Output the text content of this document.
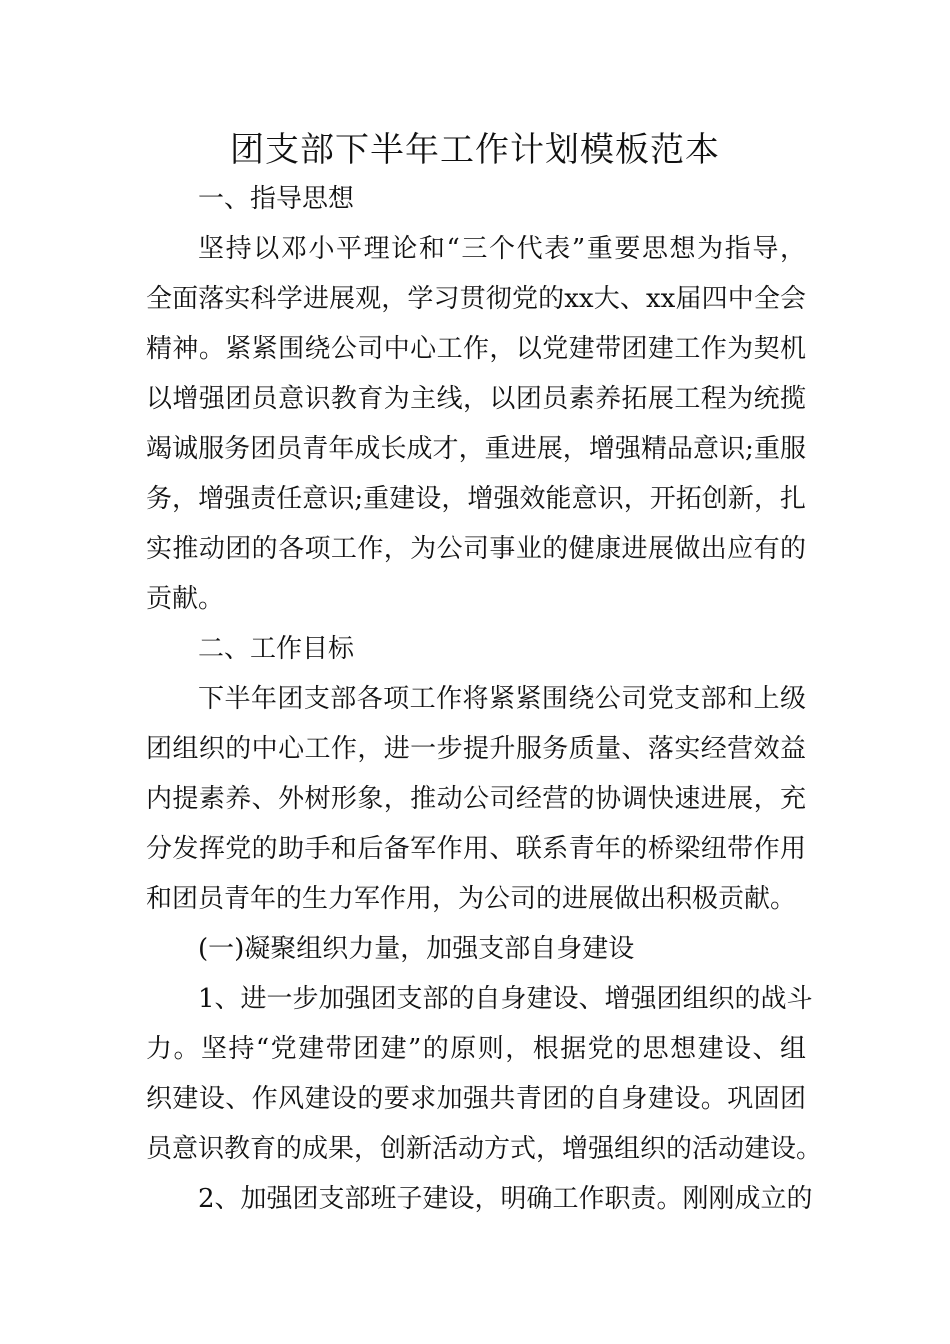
团支部下半年工作计划模板范本
一、指导思想
坚持以邓小平理论和“三个代表”重要思想为指导，
全面落实科学进展观，学习贯彻党的xx大、xx届四中全会
精神。紧紧围绕公司中心工作，以党建带团建工作为契机
以增强团员意识教育为主线，以团员素养拓展工程为统揽
竭诚服务团员青年成长成才，重进展，增强精品意识;重服
务，增强责任意识;重建设，增强效能意识，开拓创新，扎
实推动团的各项工作，为公司事业的健康进展做出应有的
贡献。
二、工作目标
下半年团支部各项工作将紧紧围绕公司党支部和上级
团组织的中心工作，进一步提升服务质量、落实经营效益
内提素养、外树形象，推动公司经营的协调快速进展，充
分发挥党的助手和后备军作用、联系青年的桥梁纽带作用
和团员青年的生力军作用，为公司的进展做出积极贡献。
(一)凝聚组织力量，加强支部自身建设
1、进一步加强团支部的自身建设、增强团组织的战斗
力。坚持“党建带团建”的原则，根据党的思想建设、组
织建设、作风建设的要求加强共青团的自身建设。巩固团
员意识教育的成果，创新活动方式，增强组织的活动建设。
2、加强团支部班子建设，明确工作职责。刚刚成立的
